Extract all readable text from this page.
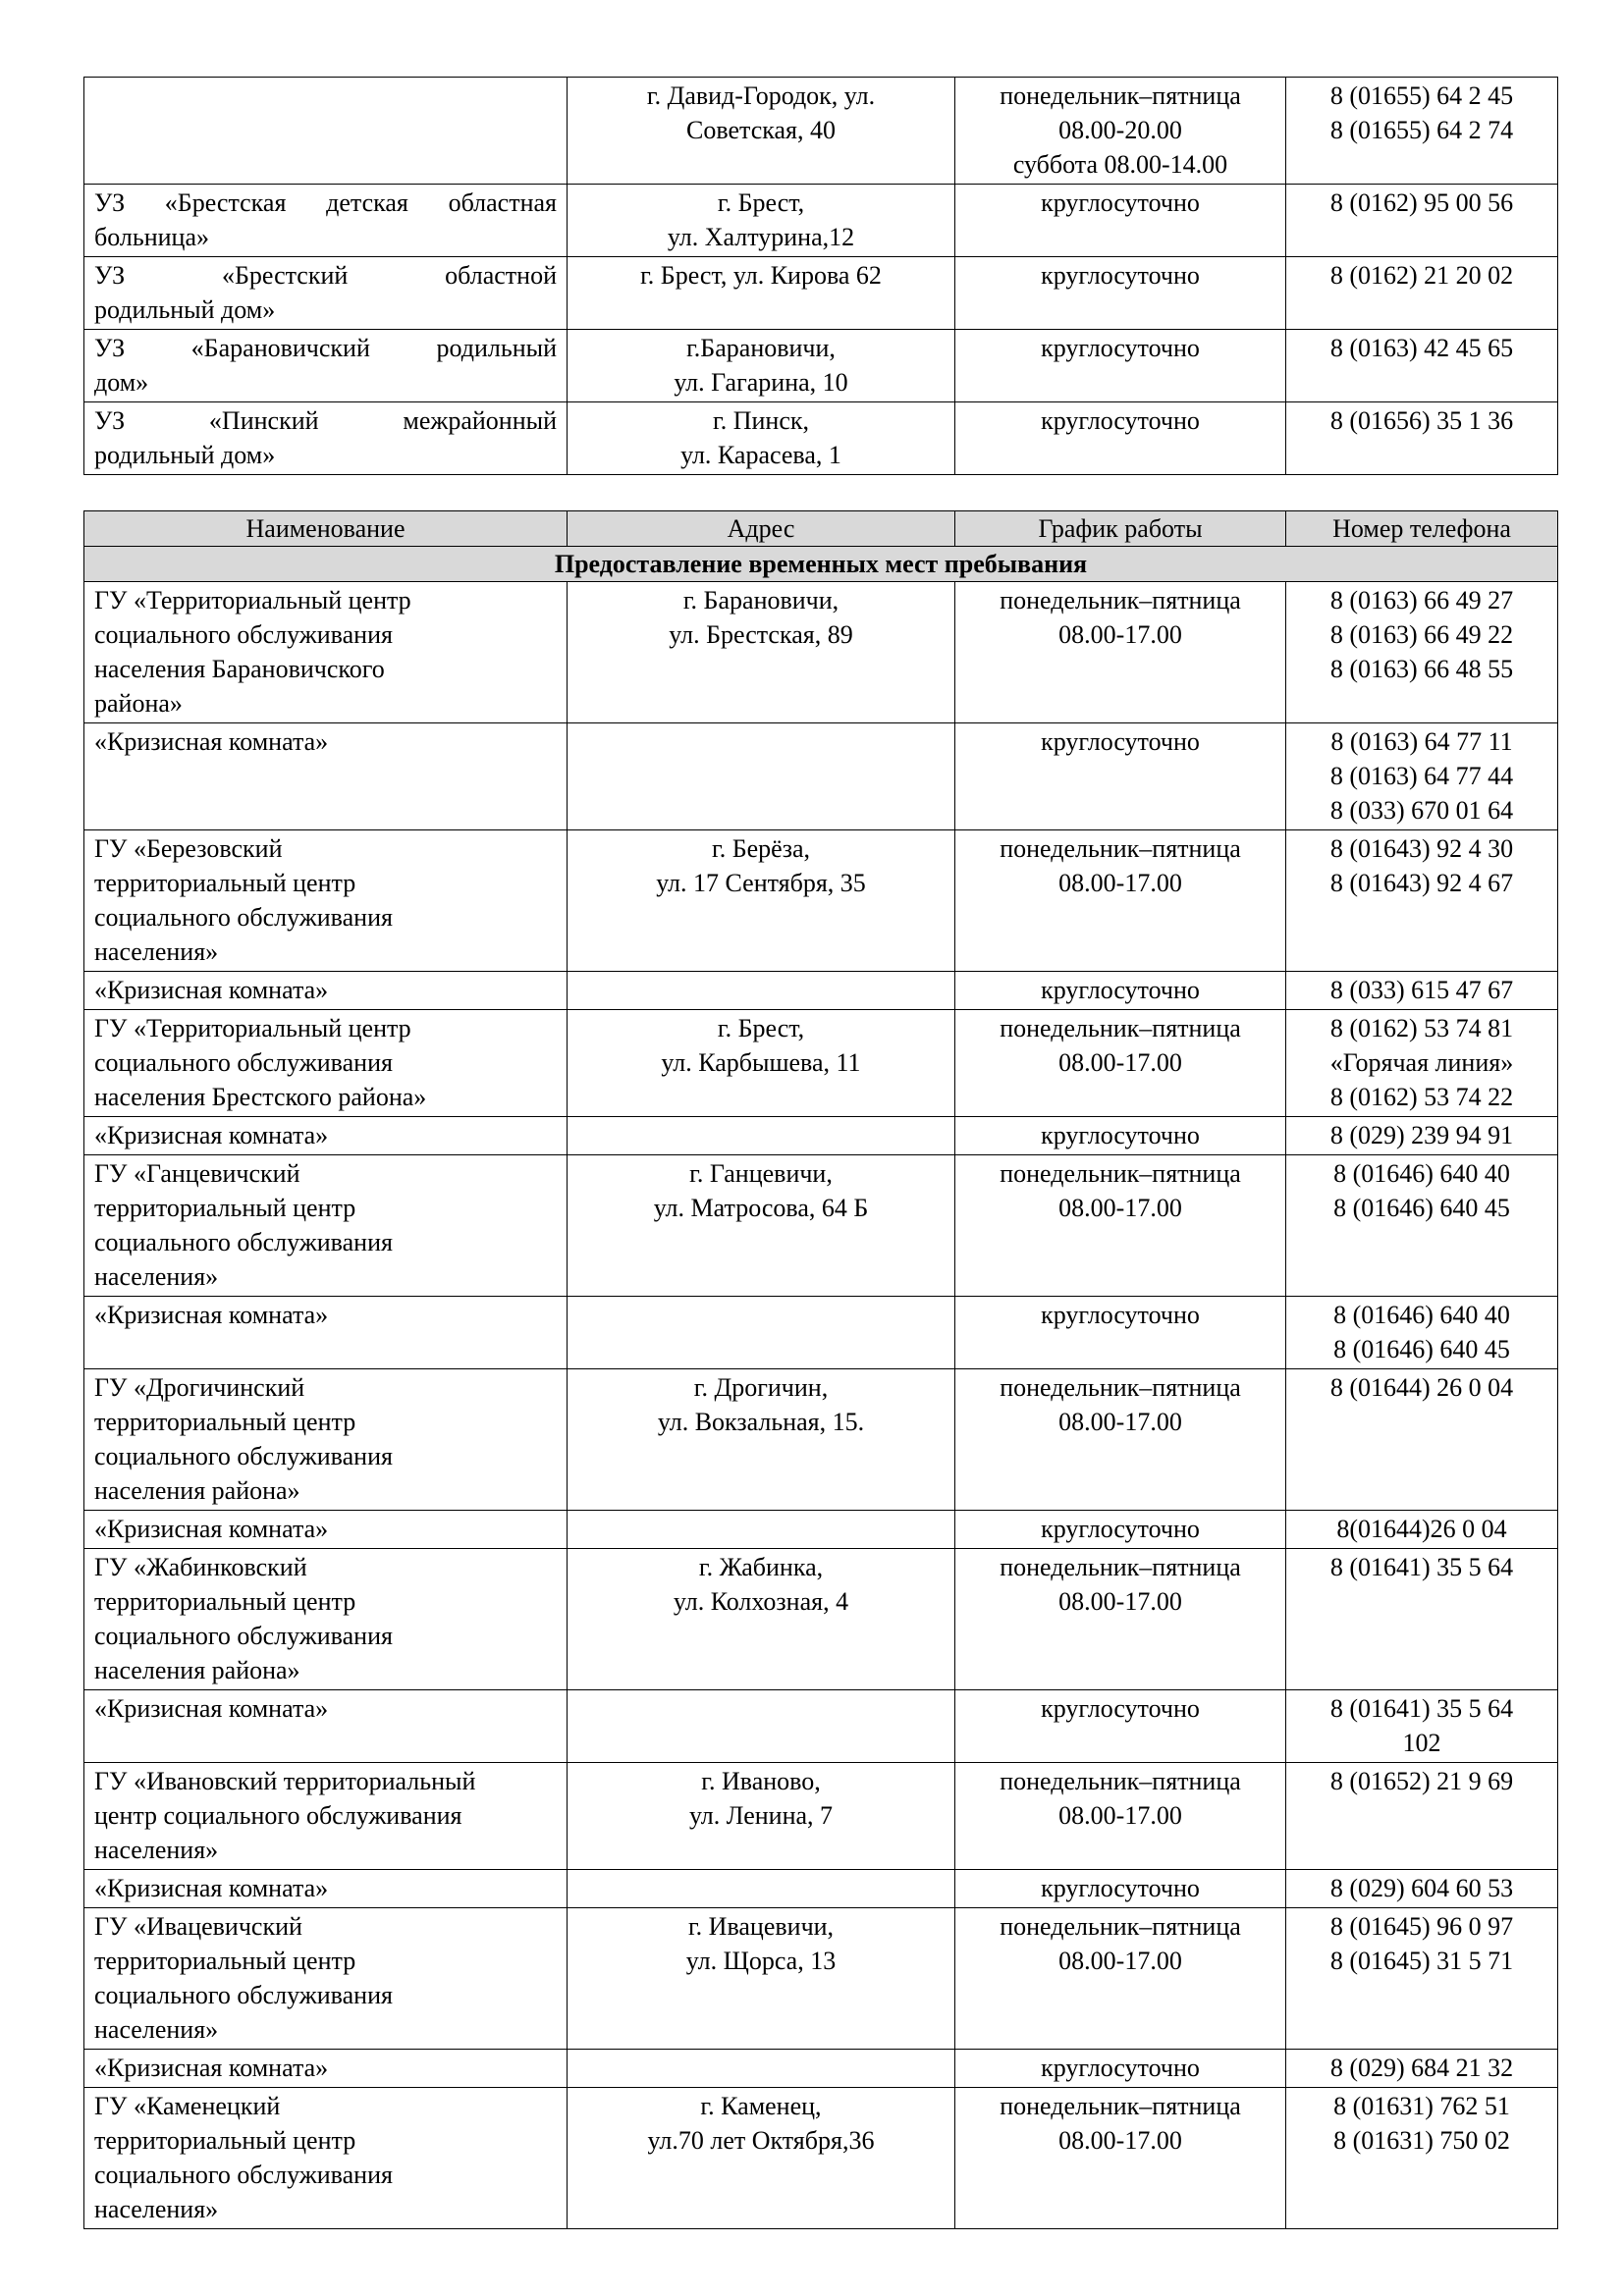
	г. Давид-Городок, ул.
Советская, 40	понедельник–пятница
08.00-20.00
суббота 08.00-14.00	8 (01655) 64 2 45
8 (01655) 64 2 74

УЗ «Брестская детская областная
больница»	г. Брест,
ул. Халтурина,12	круглосуточно	8 (0162) 95 00 56

УЗ «Брестский областной
родильный дом»	г. Брест, ул. Кирова 62	круглосуточно	8 (0162) 21 20 02

УЗ «Барановичский родильный
дом»	г.Барановичи,
ул. Гагарина, 10	круглосуточно	8 (0163) 42 45 65

УЗ «Пинский межрайонный
родильный дом»	г. Пинск,
ул. Карасева, 1	круглосуточно	8 (01656) 35 1 36
Наименование	Адрес	График работы	Номер телефона
Предоставление временных мест пребывания			

ГУ «Территориальный центр
социального обслуживания
населения Барановичского
района»	г. Барановичи,
ул. Брестская, 89	понедельник–пятница
08.00-17.00	8 (0163) 66 49 27
8 (0163) 66 49 22
8 (0163) 66 48 55

«Кризисная комната»		круглосуточно	8 (0163) 64 77 11
8 (0163) 64 77 44
8 (033) 670 01 64

ГУ «Березовский
территориальный центр
социального обслуживания
населения»	г. Берёза,
ул. 17 Сентября, 35	понедельник–пятница
08.00-17.00	8 (01643) 92 4 30
8 (01643) 92 4 67

«Кризисная комната»		круглосуточно	8 (033) 615 47 67

ГУ «Территориальный центр
социального обслуживания
населения Брестского района»	г. Брест,
ул. Карбышева, 11	понедельник–пятница
08.00-17.00	8 (0162) 53 74 81
«Горячая линия»
8 (0162) 53 74 22

«Кризисная комната»		круглосуточно	8 (029) 239 94 91

ГУ «Ганцевичский
территориальный центр
социального обслуживания
населения»	г. Ганцевичи,
ул. Матросова, 64 Б	понедельник–пятница
08.00-17.00	8 (01646) 640 40
8 (01646) 640 45

«Кризисная комната»		круглосуточно	8 (01646) 640 40
8 (01646) 640 45

ГУ «Дрогичинский
территориальный центр
социального обслуживания
населения района»	г. Дрогичин,
ул. Вокзальная, 15.	понедельник–пятница
08.00-17.00	8 (01644) 26 0 04

«Кризисная комната»		круглосуточно	8(01644)26 0 04

ГУ «Жабинковский
территориальный центр
социального обслуживания
населения района»	г. Жабинка,
ул. Колхозная, 4	понедельник–пятница
08.00-17.00	8 (01641) 35 5 64

«Кризисная комната»		круглосуточно	8 (01641) 35 5 64
102

ГУ «Ивановский территориальный
центр социального обслуживания
населения»	г. Иваново,
ул. Ленина, 7	понедельник–пятница
08.00-17.00	8 (01652) 21 9 69

«Кризисная комната»		круглосуточно	8 (029) 604 60 53

ГУ «Ивацевичский
территориальный центр
социального обслуживания
населения»	г. Ивацевичи,
ул. Щорса, 13	понедельник–пятница
08.00-17.00	8 (01645) 96 0 97
8 (01645) 31 5 71

«Кризисная комната»		круглосуточно	8 (029) 684 21 32

ГУ «Каменецкий
территориальный центр
социального обслуживания
населения»	г. Каменец,
ул.70 лет Октября,36	понедельник–пятница
08.00-17.00	8 (01631) 762 51
8 (01631) 750 02
